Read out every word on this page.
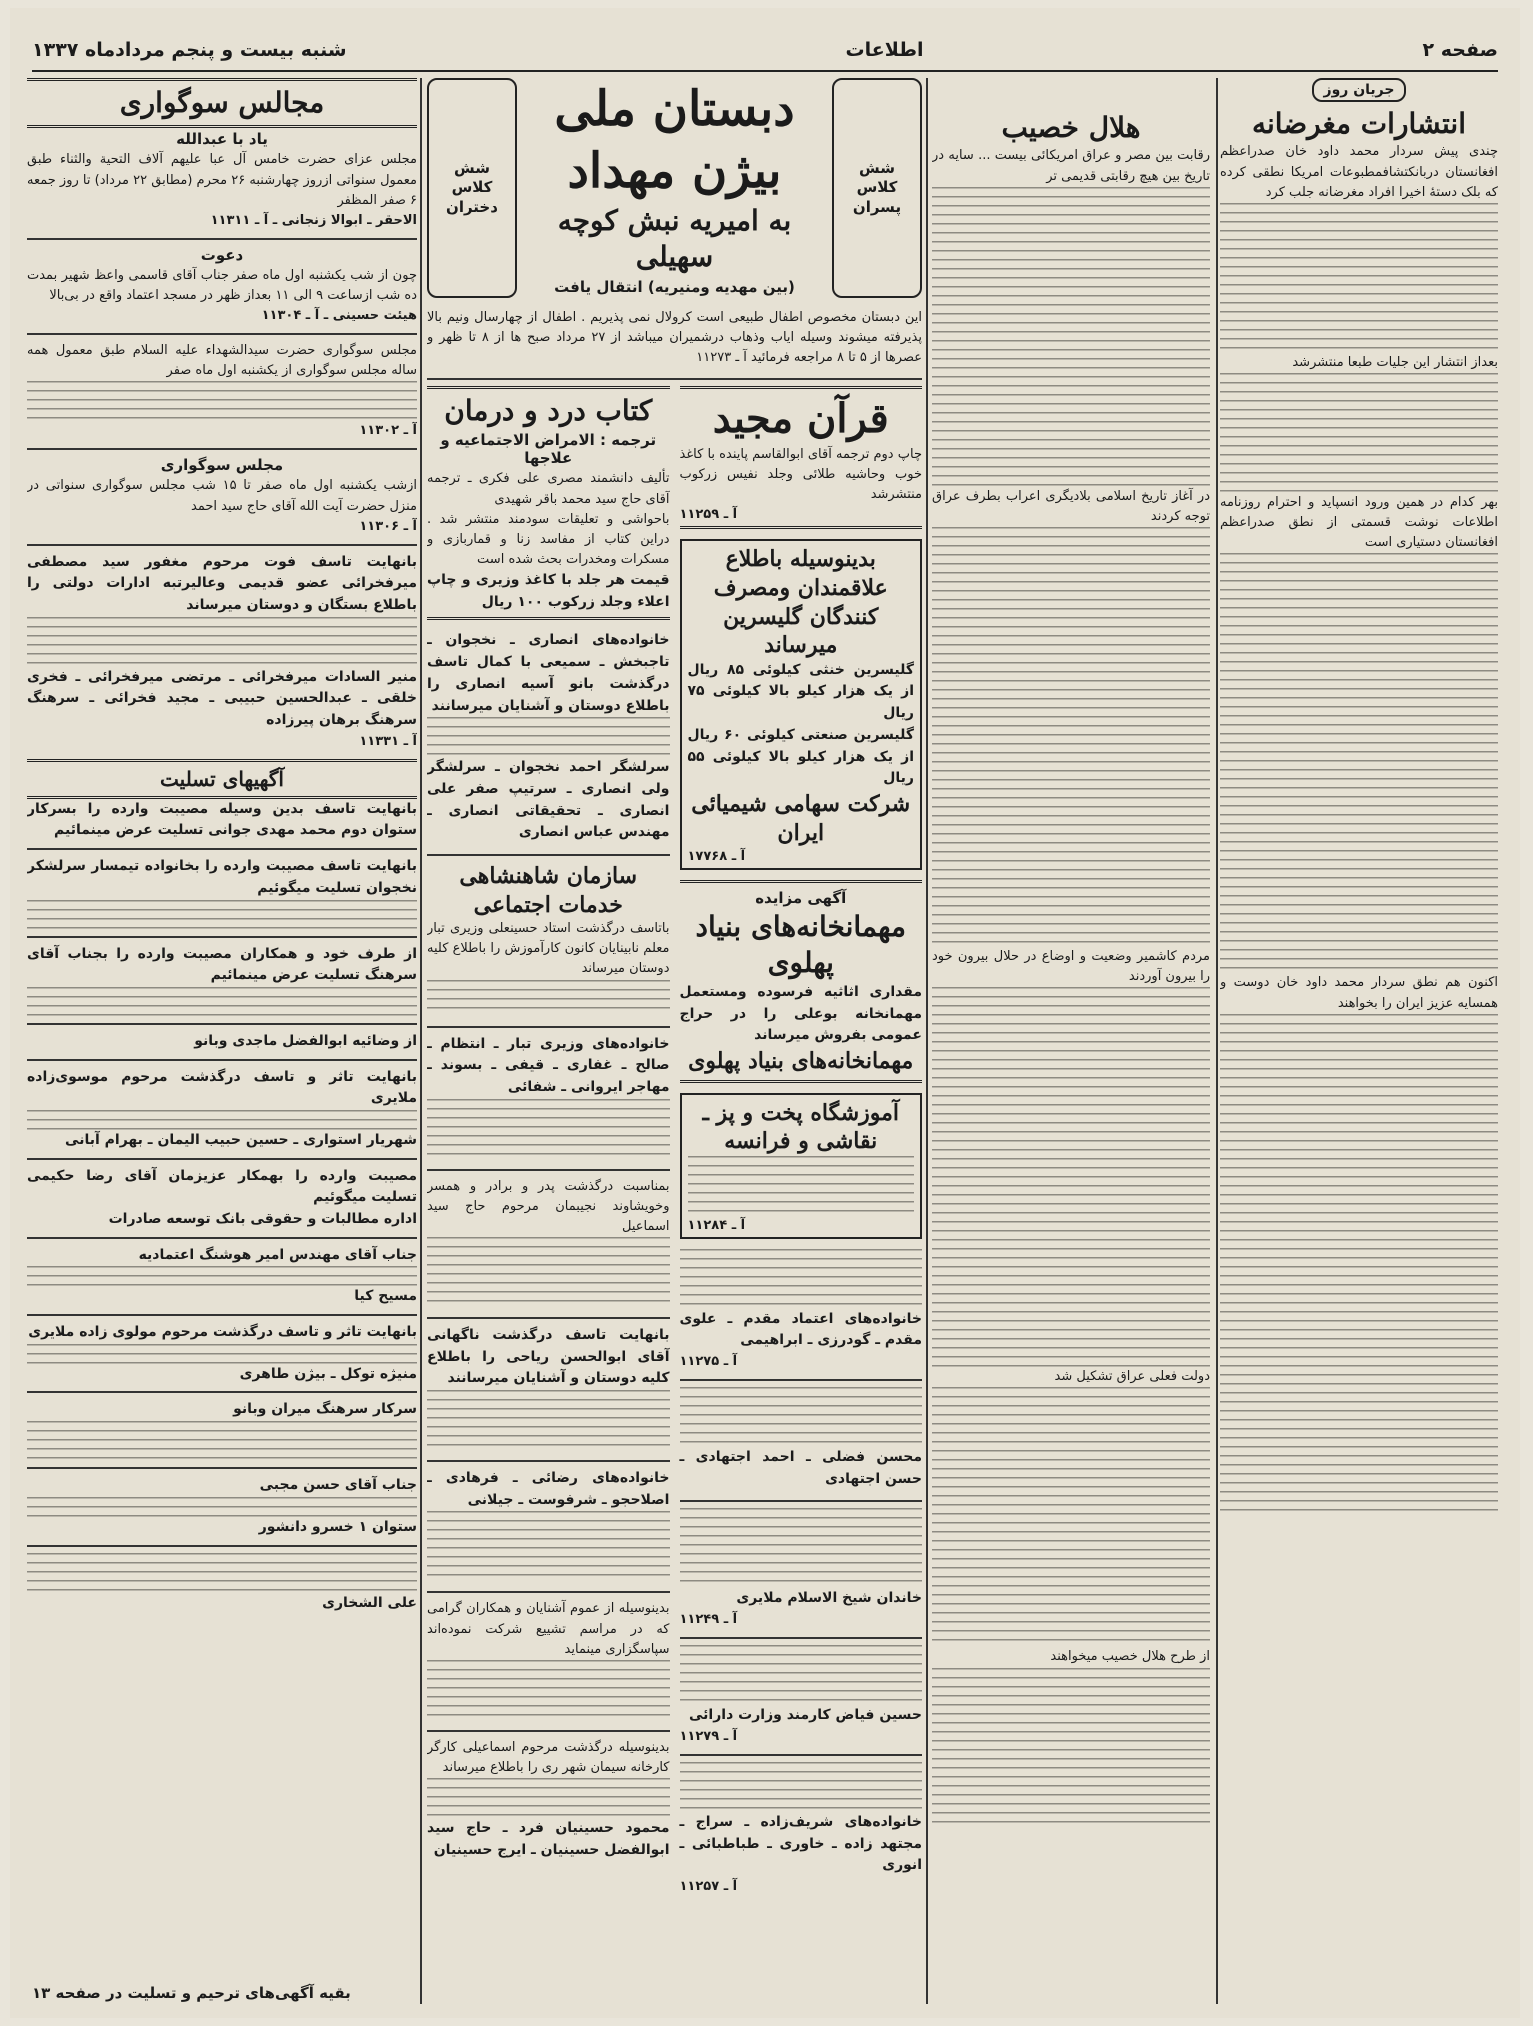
صفحه ۲
اطلاعات
شنبه بیست و پنجم مردادماه ۱۳۳۷
جریان روز
انتشارات مغرضانه
چندی پیش سردار محمد داود خان صدراعظم افغانستان دربانکتشافمطبوعات امریکا نطقی کرده که بلک دستهٔ اخیرا افراد مغرضانه جلب کرد
بعداز انتشار این جلیات طبعا منتشرشد
بهر کدام در همین ورود انسپاید و احترام روزنامه اطلاعات نوشت قسمتی از نطق صدراعظم افغانستان دستیاری است
اکنون هم نطق سردار محمد داود خان دوست و همسایه عزیز ایران را بخواهند
هلال خصیب
رقابت بین مصر و عراق امریکائی بیست ... سایه در تاریخ بین هیچ رقابتی قدیمی تر
در آغاز تاریخ اسلامی بلادیگری اعراب بطرف عراق توجه کردند
مردم کاشمیر وضعیت و اوضاع در حلال بیرون خود را بیرون آوردند
دولت فعلی عراق تشکیل شد
از طرح هلال خصیب میخواهند
شش کلاس پسران
دبستان ملی بیژن مهداد
به امیریه نبش کوچه سهیلی
(بین مهدیه ومنیریه) انتقال یافت
شش کلاس دختران
این دبستان مخصوص اطفال طبیعی است کرولال نمی پذیریم . اطفال از چهارسال ونیم بالا پذیرفته میشوند وسیله ایاب وذهاب درشمیران میباشد از ۲۷ مرداد صبح ها از ۸ تا ظهر و عصرها از ۵ تا ۸ مراجعه فرمائید آ ـ ۱۱۲۷۳
قرآن مجید
چاپ دوم ترجمه آقای ابوالقاسم پاینده با کاغذ خوب وحاشیه طلائی وجلد نفیس زرکوب منتشرشد
آ ـ ۱۱۲۵۹
بدینوسیله باطلاع علاقمندان ومصرف کنندگان گلیسرین میرساند
گلیسرین خنثی کیلوئی ۸۵ ریال از یک هزار کیلو بالا کیلوئی ۷۵ ریال
گلیسرین صنعتی کیلوئی ۶۰ ریال از یک هزار کیلو بالا کیلوئی ۵۵ ریال
شرکت سهامی شیمیائی ایران
آ ـ ۱۷۷۶۸
آگهی مزایده
مهمانخانه‌های بنیاد پهلوی
مقداری اثاثیه فرسوده ومستعمل مهمانخانه بوعلی را در حراج عمومی بفروش میرساند
مهمانخانه‌های بنیاد پهلوی
آموزشگاه پخت و پز ـ نقاشی و فرانسه
آ ـ ۱۱۲۸۴
خانواده‌های اعتماد مقدم ـ علوی مقدم ـ گودرزی ـ ابراهیمی
آ ـ ۱۱۲۷۵
محسن فضلی ـ احمد اجتهادی ـ حسن اجتهادی
خاندان شیخ الاسلام ملایری
آ ـ ۱۱۲۴۹
حسین فیاض کارمند وزارت دارائی
آ ـ ۱۱۲۷۹
خانواده‌های شریف‌زاده ـ سراج ـ مجتهد زاده ـ خاوری ـ طباطبائی ـ انوری
آ ـ ۱۱۲۵۷
کتاب درد و درمان
ترجمه : الامراض الاجتماعیه و علاجها
تألیف دانشمند مصری علی فکری ـ ترجمه آقای حاج سید محمد باقر شهیدی
باحواشی و تعلیقات سودمند منتشر شد . دراین کتاب از مفاسد زنا و قماربازی و مسکرات ومخدرات بحث شده است
قیمت هر جلد با کاغذ وزیری و چاپ اعلاء وجلد زرکوب ۱۰۰ ریال
خانواده‌های انصاری ـ نخجوان ـ تاجبخش ـ سمیعی با کمال تاسف درگذشت بانو آسیه انصاری را باطلاع دوستان و آشنایان میرسانند
سرلشگر احمد نخجوان ـ سرلشگر ولی انصاری ـ سرتیپ صفر علی انصاری ـ تحقیقاتی انصاری ـ مهندس عباس انصاری
سازمان شاهنشاهی خدمات اجتماعی
باتاسف درگذشت استاد حسینعلی وزیری تبار معلم نابینایان کانون کارآموزش را باطلاع کلیه دوستان میرساند
خانواده‌های وزیری تبار ـ انتظام ـ صالح ـ غفاری ـ قیفی ـ بسوند ـ مهاجر ایروانی ـ شفائی
بمناسبت درگذشت پدر و برادر و همسر وخویشاوند نجیبمان مرحوم حاج سید اسماعیل
بانهایت تاسف درگذشت ناگهانی آقای ابوالحسن ریاحی را باطلاع کلیه دوستان و آشنایان میرسانند
خانواده‌های رضائی ـ فرهادی ـ اصلاحجو ـ شرفوست ـ جیلانی
بدینوسیله از عموم آشنایان و همکاران گرامی که در مراسم تشییع شرکت نموده‌اند سپاسگزاری مینماید
بدینوسیله درگذشت مرحوم اسماعیلی کارگر کارخانه سیمان شهر ری را باطلاع میرساند
محمود حسینیان فرد ـ حاج سید ابوالفضل حسینیان ـ ایرج حسینیان
مجالس سوگواری
یاد با عبدالله
مجلس عزای حضرت خامس آل عبا علیهم آلاف التحیة والثناء طبق معمول سنواتی ازروز چهارشنبه ۲۶ محرم (مطابق ۲۲ مرداد) تا روز جمعه ۶ صفر المظفر
الاحقر ـ ابوالا زنجانی ـ آ ـ ۱۱۳۱۱
دعوت
چون از شب یکشنبه اول ماه صفر جناب آقای قاسمی واعظ شهیر بمدت ده شب ازساعت ۹ الی ۱۱ بعداز ظهر در مسجد اعتماد واقع در بی‌بالا
هیئت حسینی ـ آ ـ ۱۱۳۰۴
مجلس سوگواری حضرت سیدالشهداء علیه السلام طبق معمول همه ساله مجلس سوگواری از یکشنبه اول ماه صفر
آ ـ ۱۱۳۰۲
مجلس سوگواری
ازشب یکشنبه اول ماه صفر تا ۱۵ شب مجلس سوگواری سنواتی در منزل حضرت آیت الله آقای حاج سید احمد
آ ـ ۱۱۳۰۶
بانهایت تاسف فوت مرحوم مغفور سید مصطفی میرفخرائی عضو قدیمی وعالیرتبه ادارات دولتی را باطلاع بستگان و دوستان میرساند
منیر السادات میرفخرائی ـ مرتضی میرفخرائی ـ فخری خلقی ـ عبدالحسین حبیبی ـ مجید فخرائی ـ سرهنگ سرهنگ برهان پیرزاده
آ ـ ۱۱۳۳۱
آگهیهای تسلیت
بانهایت تاسف بدین وسیله مصیبت وارده را بسرکار ستوان دوم محمد مهدی جوانی تسلیت عرض مینمائیم
بانهایت تاسف مصیبت وارده را بخانواده تیمسار سرلشکر نخجوان تسلیت میگوئیم
از طرف خود و همکاران مصیبت وارده را بجناب آقای سرهنگ تسلیت عرض مینمائیم
از وضائیه ابوالفضل ماجدی وبانو
بانهایت تاثر و تاسف درگذشت مرحوم موسوی‌زاده ملایری
شهریار استواری ـ حسین حبیب الیمان ـ بهرام آبانی
مصیبت وارده را بهمکار عزیزمان آقای رضا حکیمی تسلیت میگوئیم
اداره مطالبات و حقوقی بانک توسعه صادرات
جناب آقای مهندس امیر هوشنگ اعتمادیه
مسیح کیا
بانهایت تاثر و تاسف درگذشت مرحوم مولوی زاده ملایری
منیژه توکل ـ بیژن طاهری
سرکار سرهنگ میران وبانو
جناب آقای حسن مجبی
ستوان ۱ خسرو دانشور
علی الشخاری
بقیه آگهی‌های ترحیم و تسلیت در صفحه ۱۳
